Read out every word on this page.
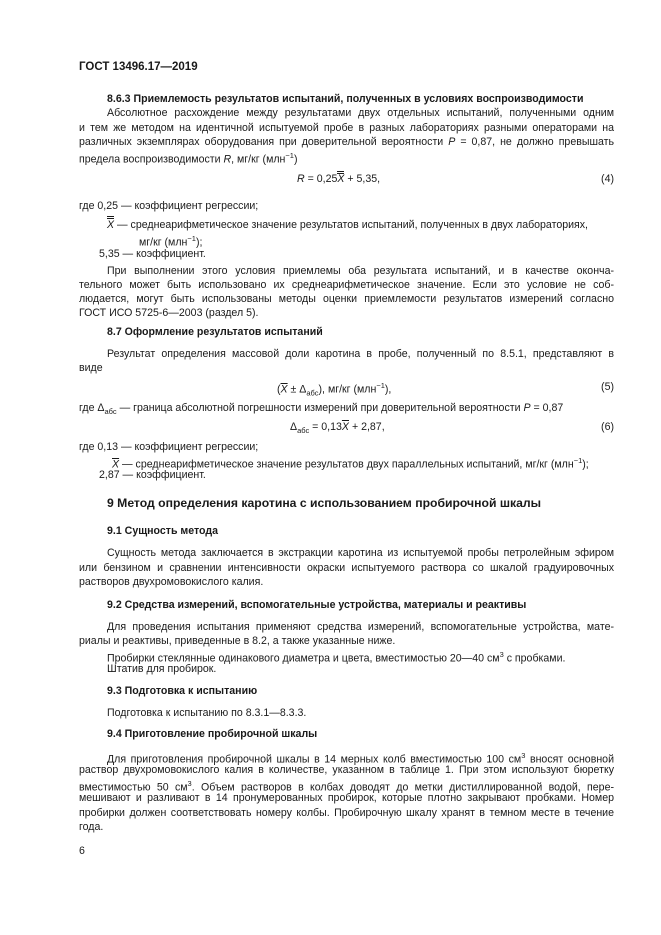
ГОСТ 13496.17—2019
8.6.3 Приемлемость результатов испытаний, полученных в условиях воспроизводимости
Абсолютное расхождение между результатами двух отдельных испытаний, полученными одним
и тем же методом на идентичной испытуемой пробе в разных лабораториях разными операторами на
различных экземплярах оборудования при доверительной вероятности P = 0,87, не должно превышать
предела воспроизводимости R, мг/кг (млн$^{-1}$)
R = 0,25X + 5,35,	(4)
где 0,25 — коэффициент регрессии;
X — среднеарифметическое значение результатов испытаний, полученных в двух лабораториях,
мг/кг (млн$^{-1}$);
5,35 — коэффициент.
При выполнении этого условия приемлемы оба результата испытаний, и в качестве оконча-
тельного может быть использовано их среднеарифметическое значение. Если это условие не соб-
людается, могут быть использованы методы оценки приемлемости результатов измерений согласно
ГОСТ ИСО 5725-6—2003 (раздел 5).
8.7 Оформление результатов испытаний
Результат определения массовой доли каротина в пробе, полученный по 8.5.1, представляют в
виде
$(\overline{X} \pm \Delta_{абс})$, мг/кг (млн$^{-1}$),	(5)
где $\Delta_{абс}$ — граница абсолютной погрешности измерений при доверительной вероятности P = 0,87
$\Delta_{абс} = 0,13\overline{X} + 2,87$,	(6)
где 0,13 — коэффициент регрессии;
$\overline{X}$ — среднеарифметическое значение результатов двух параллельных испытаний, мг/кг (млн$^{-1}$);
2,87 — коэффициент.
9 Метод определения каротина с использованием пробирочной шкалы
9.1 Сущность метода
Сущность метода заключается в экстракции каротина из испытуемой пробы петролейным эфиром
или бензином и сравнении интенсивности окраски испытуемого раствора со шкалой градуировочных
растворов двухромовокислого калия.
9.2 Средства измерений, вспомогательные устройства, материалы и реактивы
Для проведения испытания применяют средства измерений, вспомогательные устройства, мате-
риалы и реактивы, приведенные в 8.2, а также указанные ниже.
Пробирки стеклянные одинакового диаметра и цвета, вместимостью 20—40 $см^3$ с пробками.
Штатив для пробирок.
9.3 Подготовка к испытанию
Подготовка к испытанию по 8.3.1—8.3.3.
9.4 Приготовление пробирочной шкалы
Для приготовления пробирочной шкалы в 14 мерных колб вместимостью 100 $см^3$ вносят основной
раствор двухромовокислого калия в количестве, указанном в таблице 1. При этом используют бюретку
вместимостью 50 $см^3$. Объем растворов в колбах доводят до метки дистиллированной водой, пере-
мешивают и разливают в 14 пронумерованных пробирок, которые плотно закрывают пробками. Номер
пробирки должен соответствовать номеру колбы. Пробирочную шкалу хранят в темном месте в течение
года.
6
